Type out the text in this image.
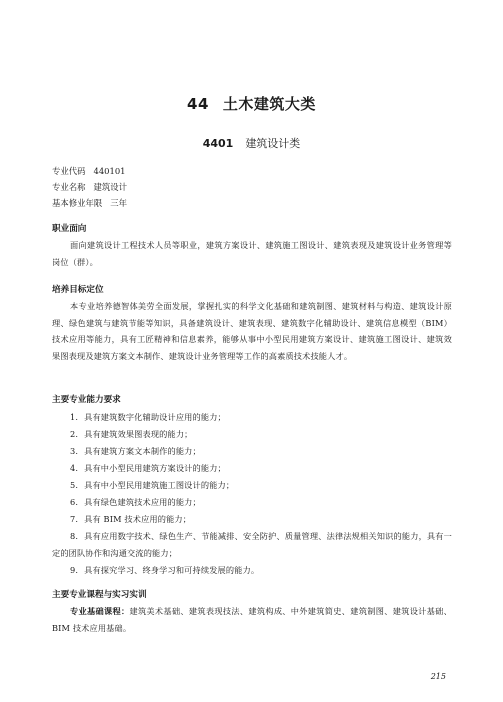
44 土木建筑大类
4401 建筑设计类
专业代码 440101
专业名称 建筑设计
基本修业年限 三年
职业面向
面向建筑设计工程技术人员等职业，建筑方案设计、建筑施工图设计、建筑表现及建筑设计业务管理等岗位（群）。
培养目标定位
本专业培养德智体美劳全面发展，掌握扎实的科学文化基础和建筑制图、建筑材料与构造、建筑设计原理、绿色建筑与建筑节能等知识，具备建筑设计、建筑表现、建筑数字化辅助设计、建筑信息模型（BIM）技术应用等能力，具有工匠精神和信息素养，能够从事中小型民用建筑方案设计、建筑施工图设计、建筑效果图表现及建筑方案文本制作、建筑设计业务管理等工作的高素质技术技能人才。
主要专业能力要求
1. 具有建筑数字化辅助设计应用的能力；
2. 具有建筑效果图表现的能力；
3. 具有建筑方案文本制作的能力；
4. 具有中小型民用建筑方案设计的能力；
5. 具有中小型民用建筑施工图设计的能力；
6. 具有绿色建筑技术应用的能力；
7. 具有 BIM 技术应用的能力；
8. 具有应用数字技术、绿色生产、节能减排、安全防护、质量管理、法律法规相关知识的能力，具有一定的团队协作和沟通交流的能力；
9. 具有探究学习、终身学习和可持续发展的能力。
主要专业课程与实习实训
专业基础课程：建筑美术基础、建筑表现技法、建筑构成、中外建筑简史、建筑制图、建筑设计基础、BIM 技术应用基础。
215
